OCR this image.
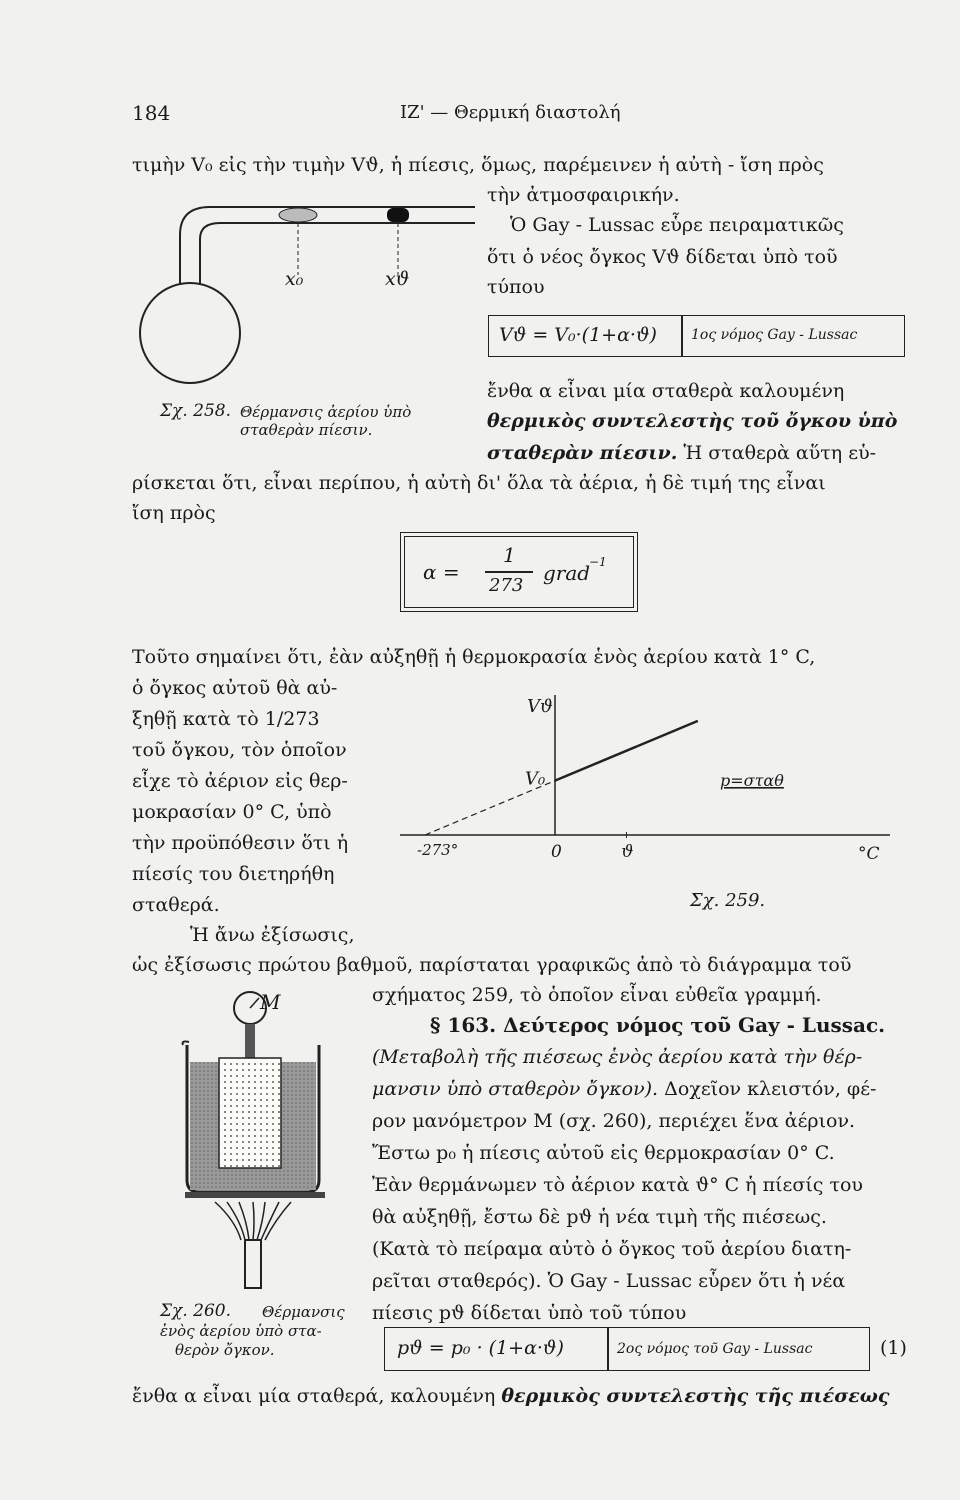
184	ΙΖ' — Θερμική διαστολή
τιμὴν V₀ εἰς τὴν τιμὴν Vϑ, ἡ πίεσις, ὅμως, παρέμεινεν ἡ αὐτὴ - ἴση πρὸς
τὴν ἀτμοσφαιρικήν.
Ὁ Gay - Lussac εὗρε πειραματικῶς
ὅτι ὁ νέος ὄγκος Vϑ δίδεται ὑπὸ τοῦ
τύπου
x₀	xϑ
Σχ. 258. Θέρμανσις ἀερίου ὑπὸ
σταθερὰν πίεσιν.
Vϑ = V₀·(1+α·ϑ) 1ος νόμος Gay - Lussac
ἔνθα α εἶναι μία σταθερὰ καλουμένη
θερμικὸς συντελεστὴς τοῦ ὄγκου ὑπὸ
σταθερὰν πίεσιν. Ἡ σταθερὰ αὕτη εὑ-
ρίσκεται ὅτι, εἶναι περίπου, ἡ αὐτὴ δι' ὅλα τὰ ἀέρια, ἡ δὲ τιμή της εἶναι
ἴση πρὸς
α =
1
273
grad
−1
Τοῦτο σημαίνει ὅτι, ἐὰν αὐξηθῇ ἡ θερμοκρασία ἑνὸς ἀερίου κατὰ 1° C,
ὁ ὄγκος αὐτοῦ θὰ αὐ-
ξηθῇ κατὰ τὸ 1/273
τοῦ ὄγκου, τὸν ὁποῖον
εἶχε τὸ ἀέριον εἰς θερ-
μοκρασίαν 0° C, ὑπὸ
τὴν προϋπόθεσιν ὅτι ἡ
πίεσίς του διετηρήθη
σταθερά.
Ἡ ἄνω ἐξίσωσις,
ὡς ἐξίσωσις πρώτου βαθμοῦ, παρίσταται γραφικῶς ἀπὸ τὸ διάγραμμα τοῦ
σχήματος 259, τὸ ὁποῖον εἶναι εὐθεῖα γραμμή.
Vϑ
V₀
-273°	0	ϑ	°C
p=σταθ
Σχ. 259.
§ 163. Δεύτερος νόμος τοῦ Gay - Lussac.
(Μεταβολὴ τῆς πιέσεως ἑνὸς ἀερίου κατὰ τὴν θέρ-
μανσιν ὑπὸ σταθερὸν ὄγκον). Δοχεῖον κλειστόν, φέ-
ρον μανόμετρον M (σχ. 260), περιέχει ἕνα ἀέριον.
Ἔστω p₀ ἡ πίεσις αὐτοῦ εἰς θερμοκρασίαν 0° C.
Ἐὰν θερμάνωμεν τὸ ἀέριον κατὰ ϑ° C ἡ πίεσίς του
θὰ αὐξηθῇ, ἔστω δὲ pϑ ἡ νέα τιμὴ τῆς πιέσεως.
(Κατὰ τὸ πείραμα αὐτὸ ὁ ὄγκος τοῦ ἀερίου διατη-
ρεῖται σταθερός). Ὁ Gay - Lussac εὗρεν ὅτι ἡ νέα
πίεσις pϑ δίδεται ὑπὸ τοῦ τύπου
M
Σχ. 260. Θέρμανσις
ἑνὸς ἀερίου ὑπὸ στα-
θερὸν ὄγκον.	pϑ = p₀ · (1+α·ϑ)	2ος νόμος τοῦ Gay - Lussac	(1)
ἔνθα α εἶναι μία σταθερά, καλουμένη θερμικὸς συντελεστὴς τῆς πιέσεως
